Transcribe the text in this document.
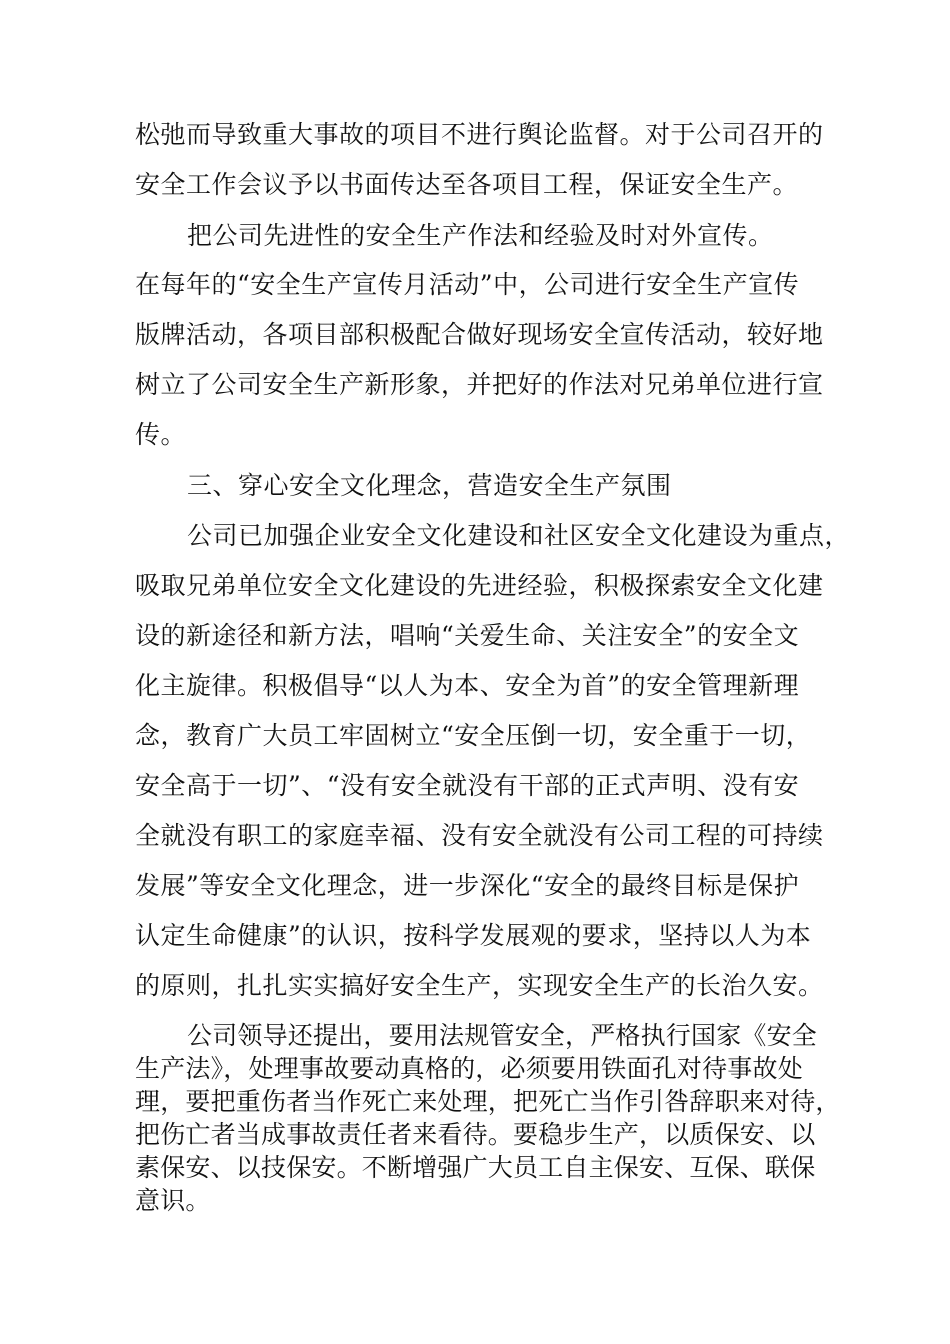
松弛而导致重大事故的项目不进行舆论监督。对于公司召开的
安全工作会议予以书面传达至各项目工程，保证安全生产。
把公司先进性的安全生产作法和经验及时对外宣传。
在每年的“安全生产宣传月活动”中，公司进行安全生产宣传
版牌活动，各项目部积极配合做好现场安全宣传活动，较好地
树立了公司安全生产新形象，并把好的作法对兄弟单位进行宣
传。
三、穿心安全文化理念，营造安全生产氛围
公司已加强企业安全文化建设和社区安全文化建设为重点，
吸取兄弟单位安全文化建设的先进经验，积极探索安全文化建
设的新途径和新方法，唱响“关爱生命、关注安全”的安全文
化主旋律。积极倡导“以人为本、安全为首”的安全管理新理
念，教育广大员工牢固树立“安全压倒一切，安全重于一切，
安全高于一切”、“没有安全就没有干部的正式声明、没有安
全就没有职工的家庭幸福、没有安全就没有公司工程的可持续
发展”等安全文化理念，进一步深化“安全的最终目标是保护
认定生命健康”的认识，按科学发展观的要求，坚持以人为本
的原则，扎扎实实搞好安全生产，实现安全生产的长治久安。
公司领导还提出，要用法规管安全，严格执行国家《安全
生产法》，处理事故要动真格的，必须要用铁面孔对待事故处
理，要把重伤者当作死亡来处理，把死亡当作引咎辞职来对待，
把伤亡者当成事故责任者来看待。要稳步生产，以质保安、以
素保安、以技保安。不断增强广大员工自主保安、互保、联保
意识。
